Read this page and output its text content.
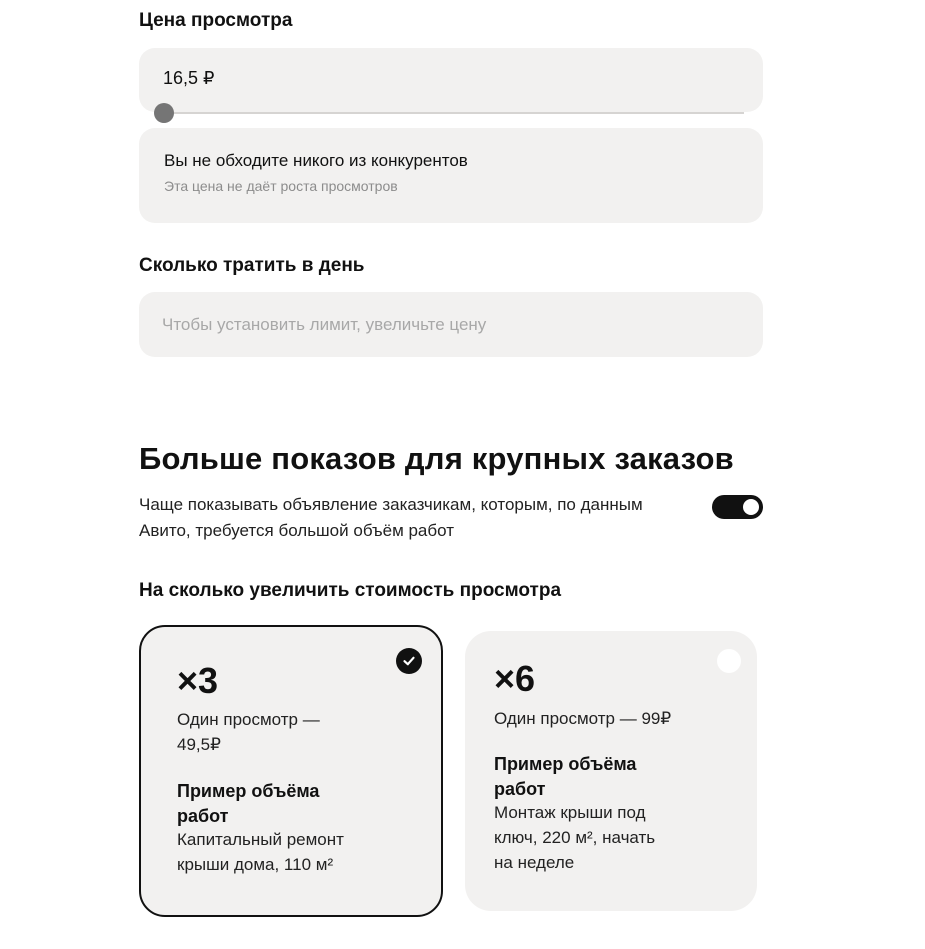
Цена просмотра
16,5 ₽
Вы не обходите никого из конкурентов
Эта цена не даёт роста просмотров
Сколько тратить в день
Чтобы установить лимит, увеличьте цену
Больше показов для крупных заказов
Чаще показывать объявление заказчикам, которым, по данным Авито, требуется большой объём работ
На сколько увеличить стоимость просмотра
×3
Один просмотр —
49,5₽
Пример объёма
работ
Капитальный ремонт
крыши дома, 110 м²
×6
Один просмотр — 99₽
Пример объёма
работ
Монтаж крыши под
ключ, 220 м², начать
на неделе
